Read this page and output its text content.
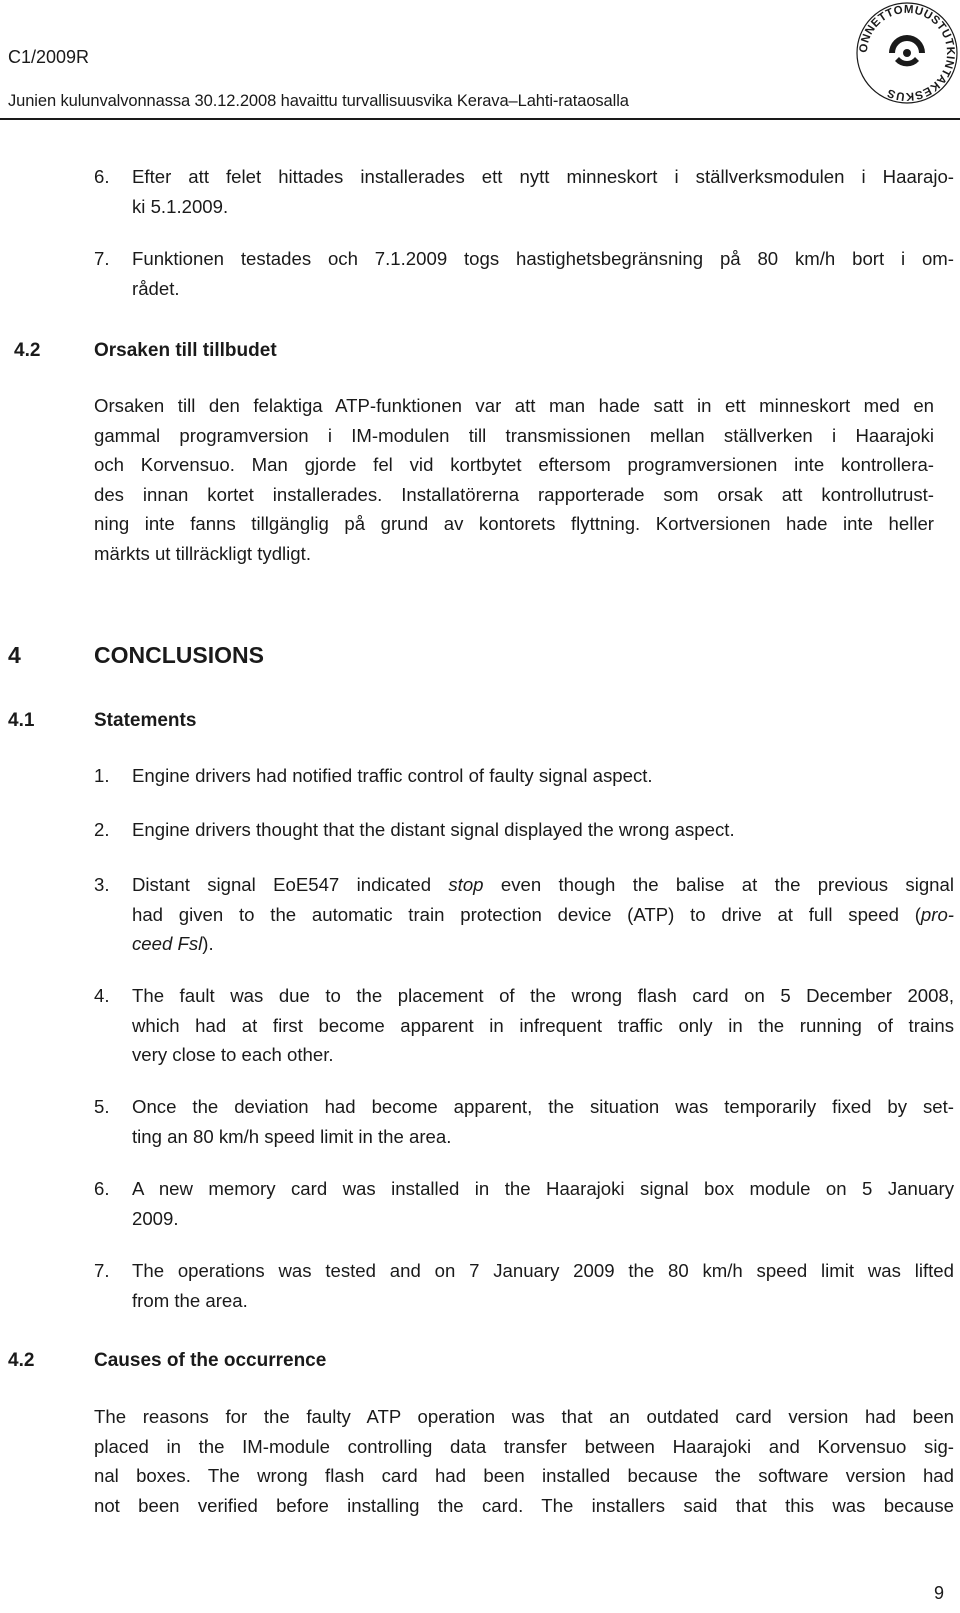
C1/2009R
Junien kulunvalvonnassa 30.12.2008 havaittu turvallisuusvika Kerava–Lahti-rataosalla
ONNETTOMUUSTUTKINTAKESKUS
6. Efter att felet hittades installerades ett nytt minneskort i ställverksmodulen i Haarajo-
ki 5.1.2009.
7. Funktionen testades och 7.1.2009 togs hastighetsbegränsning på 80 km/h bort i om-
rådet.
4.2	Orsaken till tillbudet
Orsaken till den felaktiga ATP-funktionen var att man hade satt in ett minneskort med en
gammal programversion i IM-modulen till transmissionen mellan ställverken i Haarajoki
och Korvensuo. Man gjorde fel vid kortbytet eftersom programversionen inte kontrollera-
des innan kortet installerades. Installatörerna rapporterade som orsak att kontrollutrust-
ning inte fanns tillgänglig på grund av kontorets flyttning. Kortversionen hade inte heller
märkts ut tillräckligt tydligt.
4	CONCLUSIONS
4.1	Statements
1. Engine drivers had notified traffic control of faulty signal aspect.
2. Engine drivers thought that the distant signal displayed the wrong aspect.
3. Distant signal EoE547 indicated stop even though the balise at the previous signal
had given to the automatic train protection device (ATP) to drive at full speed (pro-
ceed Fsl).
4. The fault was due to the placement of the wrong flash card on 5 December 2008,
which had at first become apparent in infrequent traffic only in the running of trains
very close to each other.
5. Once the deviation had become apparent, the situation was temporarily fixed by set-
ting an 80 km/h speed limit in the area.
6. A new memory card was installed in the Haarajoki signal box module on 5 January
2009.
7. The operations was tested and on 7 January 2009 the 80 km/h speed limit was lifted
from the area.
4.2	Causes of the occurrence
The reasons for the faulty ATP operation was that an outdated card version had been
placed in the IM-module controlling data transfer between Haarajoki and Korvensuo sig-
nal boxes. The wrong flash card had been installed because the software version had
not been verified before installing the card. The installers said that this was because
9
